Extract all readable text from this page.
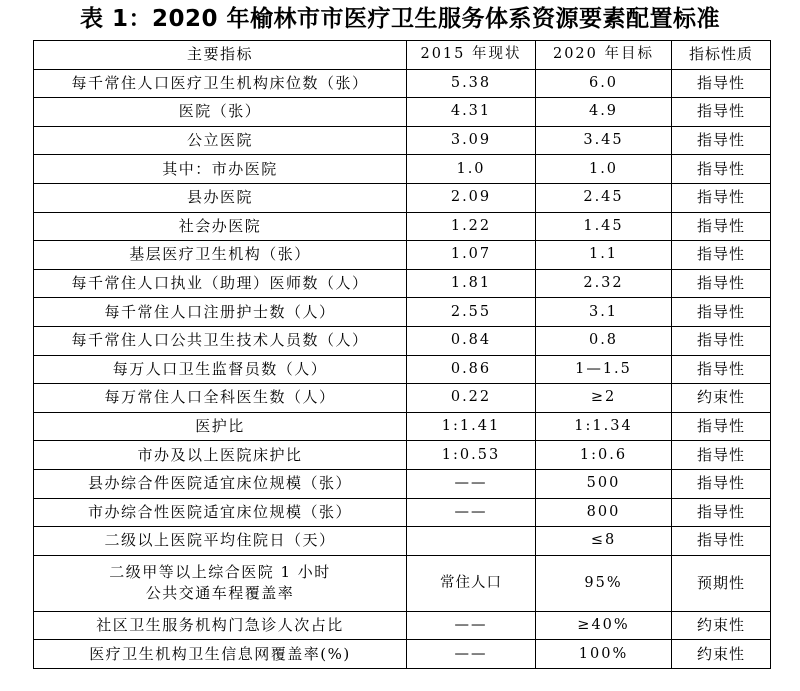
表 1：2020 年榆林市市医疗卫生服务体系资源要素配置标准
主要指标	2015 年现状	2020 年目标	指标性质
每千常住人口医疗卫生机构床位数（张）	5.38	6.0	指导性
医院（张）	4.31	4.9	指导性
公立医院	3.09	3.45	指导性
其中：市办医院	1.0	1.0	指导性
县办医院	2.09	2.45	指导性
社会办医院	1.22	1.45	指导性
基层医疗卫生机构（张）	1.07	1.1	指导性
每千常住人口执业（助理）医师数（人）	1.81	2.32	指导性
每千常住人口注册护士数（人）	2.55	3.1	指导性
每千常住人口公共卫生技术人员数（人）	0.84	0.8	指导性
每万人口卫生监督员数（人）	0.86	1—1.5	指导性
每万常住人口全科医生数（人）	0.22	≥2	约束性
医护比	1:1.41	1:1.34	指导性
市办及以上医院床护比	1:0.53	1:0.6	指导性
县办综合件医院适宜床位规模（张）	——	500	指导性
市办综合性医院适宜床位规模（张）	——	800	指导性
二级以上医院平均住院日（天）		≤8	指导性
二级甲等以上综合医院 1 小时公共交通车程覆盖率	常住人口	95%	预期性
社区卫生服务机构门急诊人次占比	——	≥40%	约束性
医疗卫生机构卫生信息网覆盖率(%)	——	100%	约束性
